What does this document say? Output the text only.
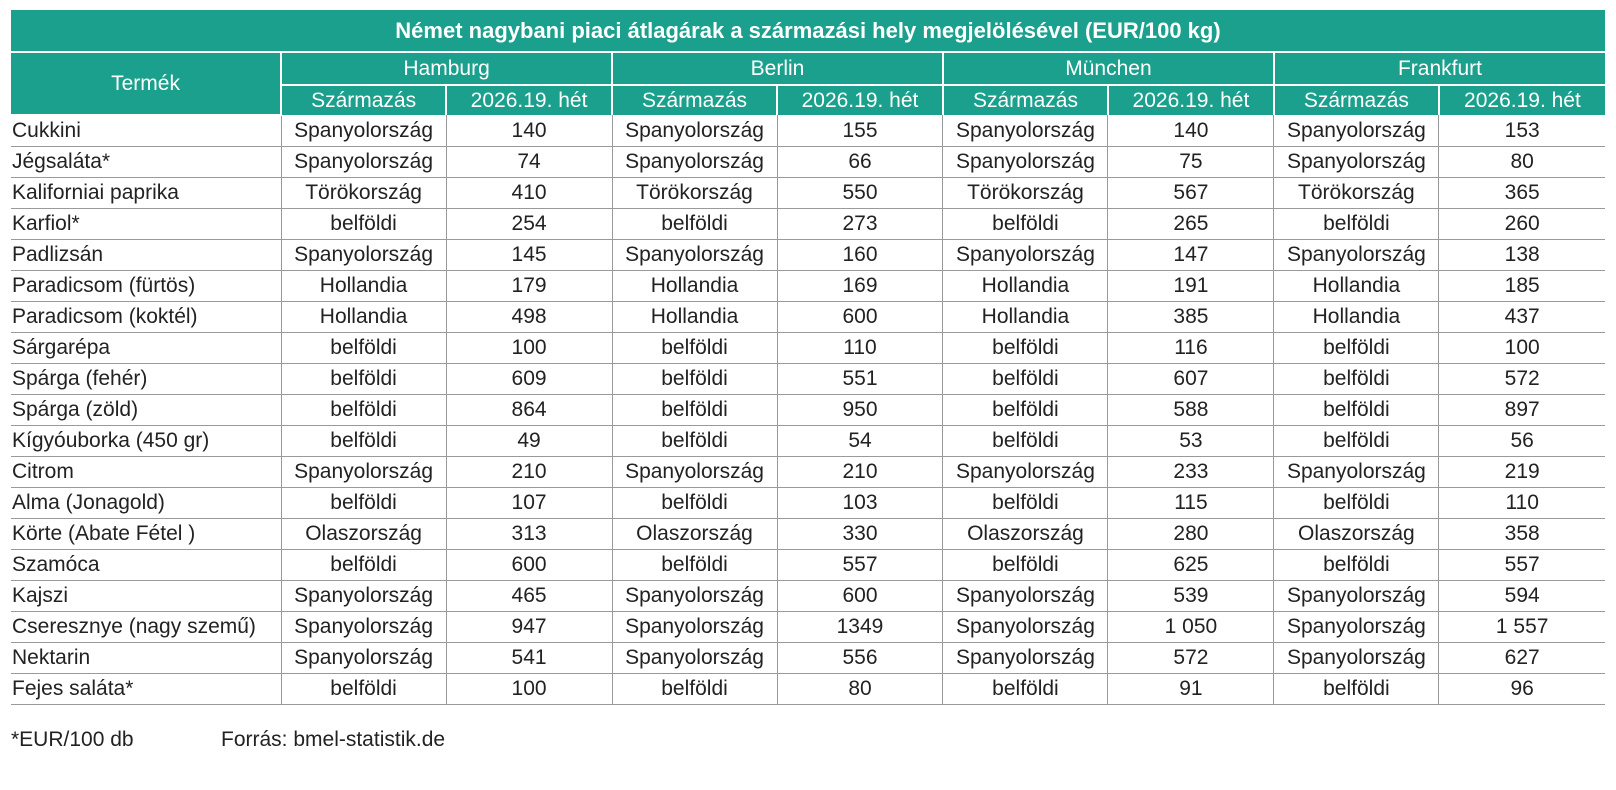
Német nagybani piaci átlagárak a származási hely megjelölésével (EUR/100 kg)								
Termék	Hamburg		Berlin		München		Frankfurt	
	Származás	2026.19. hét	Származás	2026.19. hét	Származás	2026.19. hét	Származás	2026.19. hét
Cukkini	Spanyolország	140	Spanyolország	155	Spanyolország	140	Spanyolország	153
Jégsaláta*	Spanyolország	74	Spanyolország	66	Spanyolország	75	Spanyolország	80
Kaliforniai paprika	Törökország	410	Törökország	550	Törökország	567	Törökország	365
Karfiol*	belföldi	254	belföldi	273	belföldi	265	belföldi	260
Padlizsán	Spanyolország	145	Spanyolország	160	Spanyolország	147	Spanyolország	138
Paradicsom (fürtös)	Hollandia	179	Hollandia	169	Hollandia	191	Hollandia	185
Paradicsom (koktél)	Hollandia	498	Hollandia	600	Hollandia	385	Hollandia	437
Sárgarépa	belföldi	100	belföldi	110	belföldi	116	belföldi	100
Spárga (fehér)	belföldi	609	belföldi	551	belföldi	607	belföldi	572
Spárga (zöld)	belföldi	864	belföldi	950	belföldi	588	belföldi	897
Kígyóuborka (450 gr)	belföldi	49	belföldi	54	belföldi	53	belföldi	56
Citrom	Spanyolország	210	Spanyolország	210	Spanyolország	233	Spanyolország	219
Alma (Jonagold)	belföldi	107	belföldi	103	belföldi	115	belföldi	110
Körte (Abate Fétel )	Olaszország	313	Olaszország	330	Olaszország	280	Olaszország	358
Szamóca	belföldi	600	belföldi	557	belföldi	625	belföldi	557
Kajszi	Spanyolország	465	Spanyolország	600	Spanyolország	539	Spanyolország	594
Cseresznye (nagy szemű)	Spanyolország	947	Spanyolország	1349	Spanyolország	1 050	Spanyolország	1 557
Nektarin	Spanyolország	541	Spanyolország	556	Spanyolország	572	Spanyolország	627
Fejes saláta*	belföldi	100	belföldi	80	belföldi	91	belföldi	96
*EUR/100 db	Forrás: bmel-statistik.de
